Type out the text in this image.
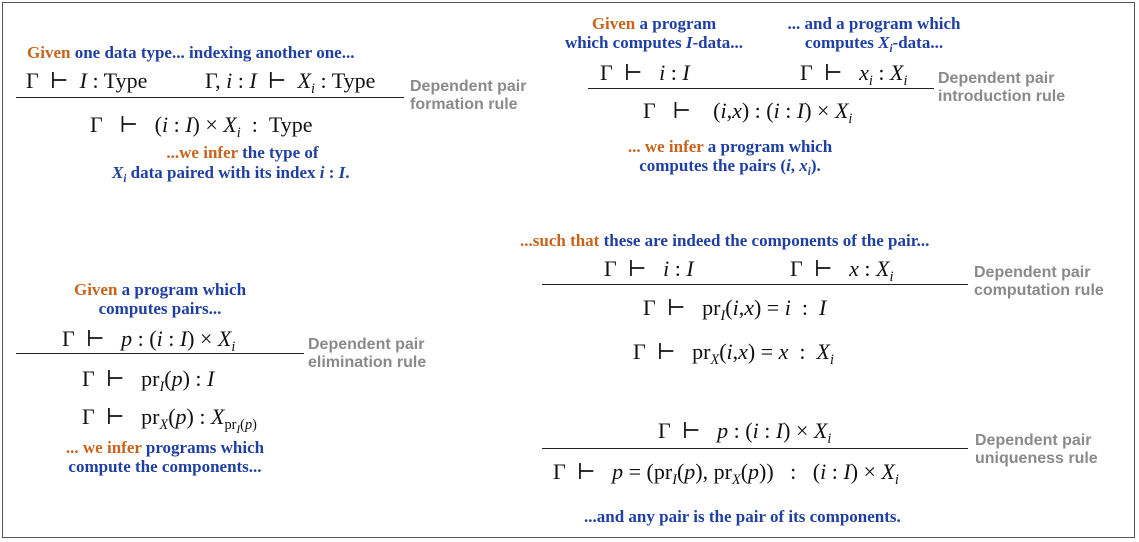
Given one data type... indexing another one...
Γ  ⊢  I : Type	Γ, i : I  ⊢  $X_i$ : Type
Γ   ⊢   (i : $I) \times X_i$  :  Type
...we infer the type of
$X_i$ data paired with its index i : I.
Dependent pair
formation rule
Given a program
which computes I-data...
... and a program which
computes $X_i$-data...
Γ  ⊢   i : I	Γ  ⊢   $x_i$ : $X_i$
Γ   ⊢    (i,x) : (i : $I) \times X_i$
... we infer a program which
computes the pairs (i, $x_i$).
Dependent pair
introduction rule
Given a program which
computes pairs...
Γ  ⊢   p : (i : $I) \times X_i$
Γ  ⊢   $pr_I(p)$ : I
Γ  ⊢   $pr_X(p)$ : $X_{pr_I(p)}$
... we infer programs which
compute the components...
Dependent pair
elimination rule
...such that these are indeed the components of the pair...
Γ  ⊢   i : I	Γ  ⊢   x : $X_i$
Γ  ⊢   $pr_I(i,x) = i$  :  I
Γ  ⊢   $pr_X(i,x) = x$  :  $X_i$
Dependent pair
computation rule
Γ  ⊢   p : (i : $I) \times X_i$
Γ  ⊢   $p = (pr_I(p)$, $pr_X(p)$)   :   (i : $I) \times X_i$
...and any pair is the pair of its components.
Dependent pair
uniqueness rule
